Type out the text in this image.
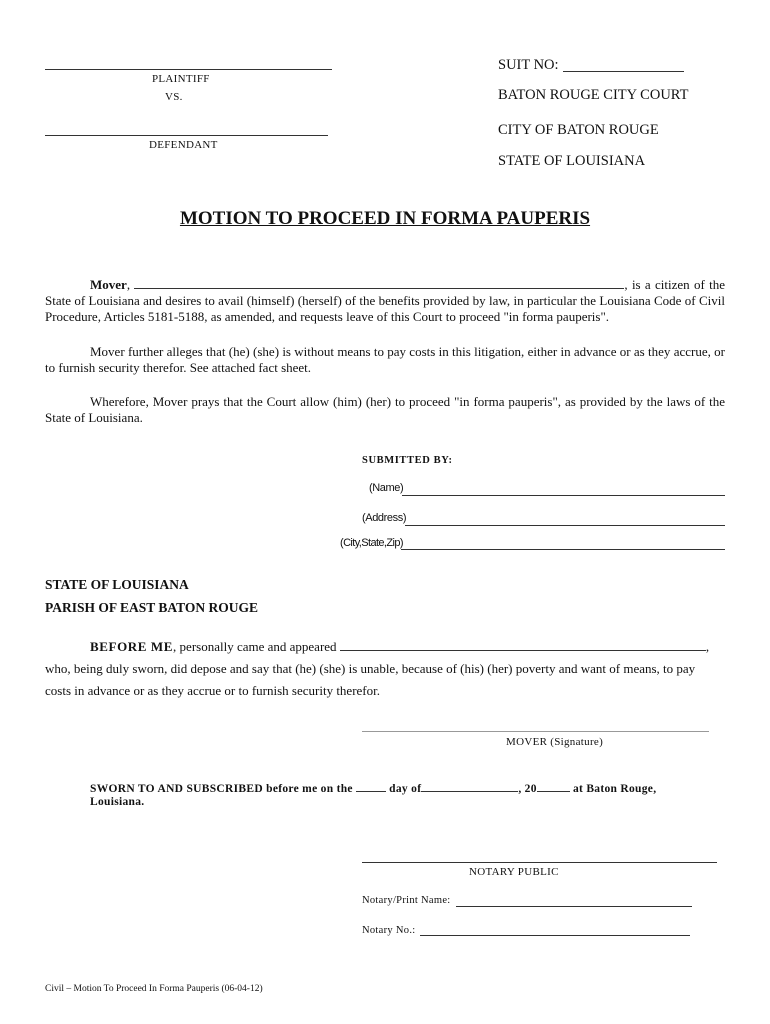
PLAINTIFF
VS.
DEFENDANT
SUIT NO:
BATON ROUGE CITY COURT
CITY OF BATON ROUGE
STATE OF LOUISIANA
MOTION TO PROCEED IN FORMA PAUPERIS
Mover,	, is a citizen of the State of Louisiana and desires to avail (himself) (herself) of the benefits provided by law, in particular the Louisiana Code of Civil Procedure, Articles 5181-5188, as amended, and requests leave of this Court to proceed "in forma pauperis".
Mover further alleges that (he) (she) is without means to pay costs in this litigation, either in advance or as they accrue, or to furnish security therefor. See attached fact sheet.
Wherefore, Mover prays that the Court allow (him) (her) to proceed "in forma pauperis", as provided by the laws of the State of Louisiana.
SUBMITTED BY:
(Name)
(Address)
(City,State,Zip)
STATE OF LOUISIANA
PARISH OF EAST BATON ROUGE
BEFORE ME, personally came and appeared	,
who, being duly sworn, did depose and say that (he) (she) is unable, because of (his) (her) poverty and want of means, to pay
costs in advance or as they accrue or to furnish security therefor.
MOVER (Signature)
SWORN TO AND SUBSCRIBED before me on the	day of	, 20	at Baton Rouge,
Louisiana.
NOTARY PUBLIC
Notary/Print Name:
Notary No.:
Civil – Motion To Proceed In Forma Pauperis (06-04-12)
